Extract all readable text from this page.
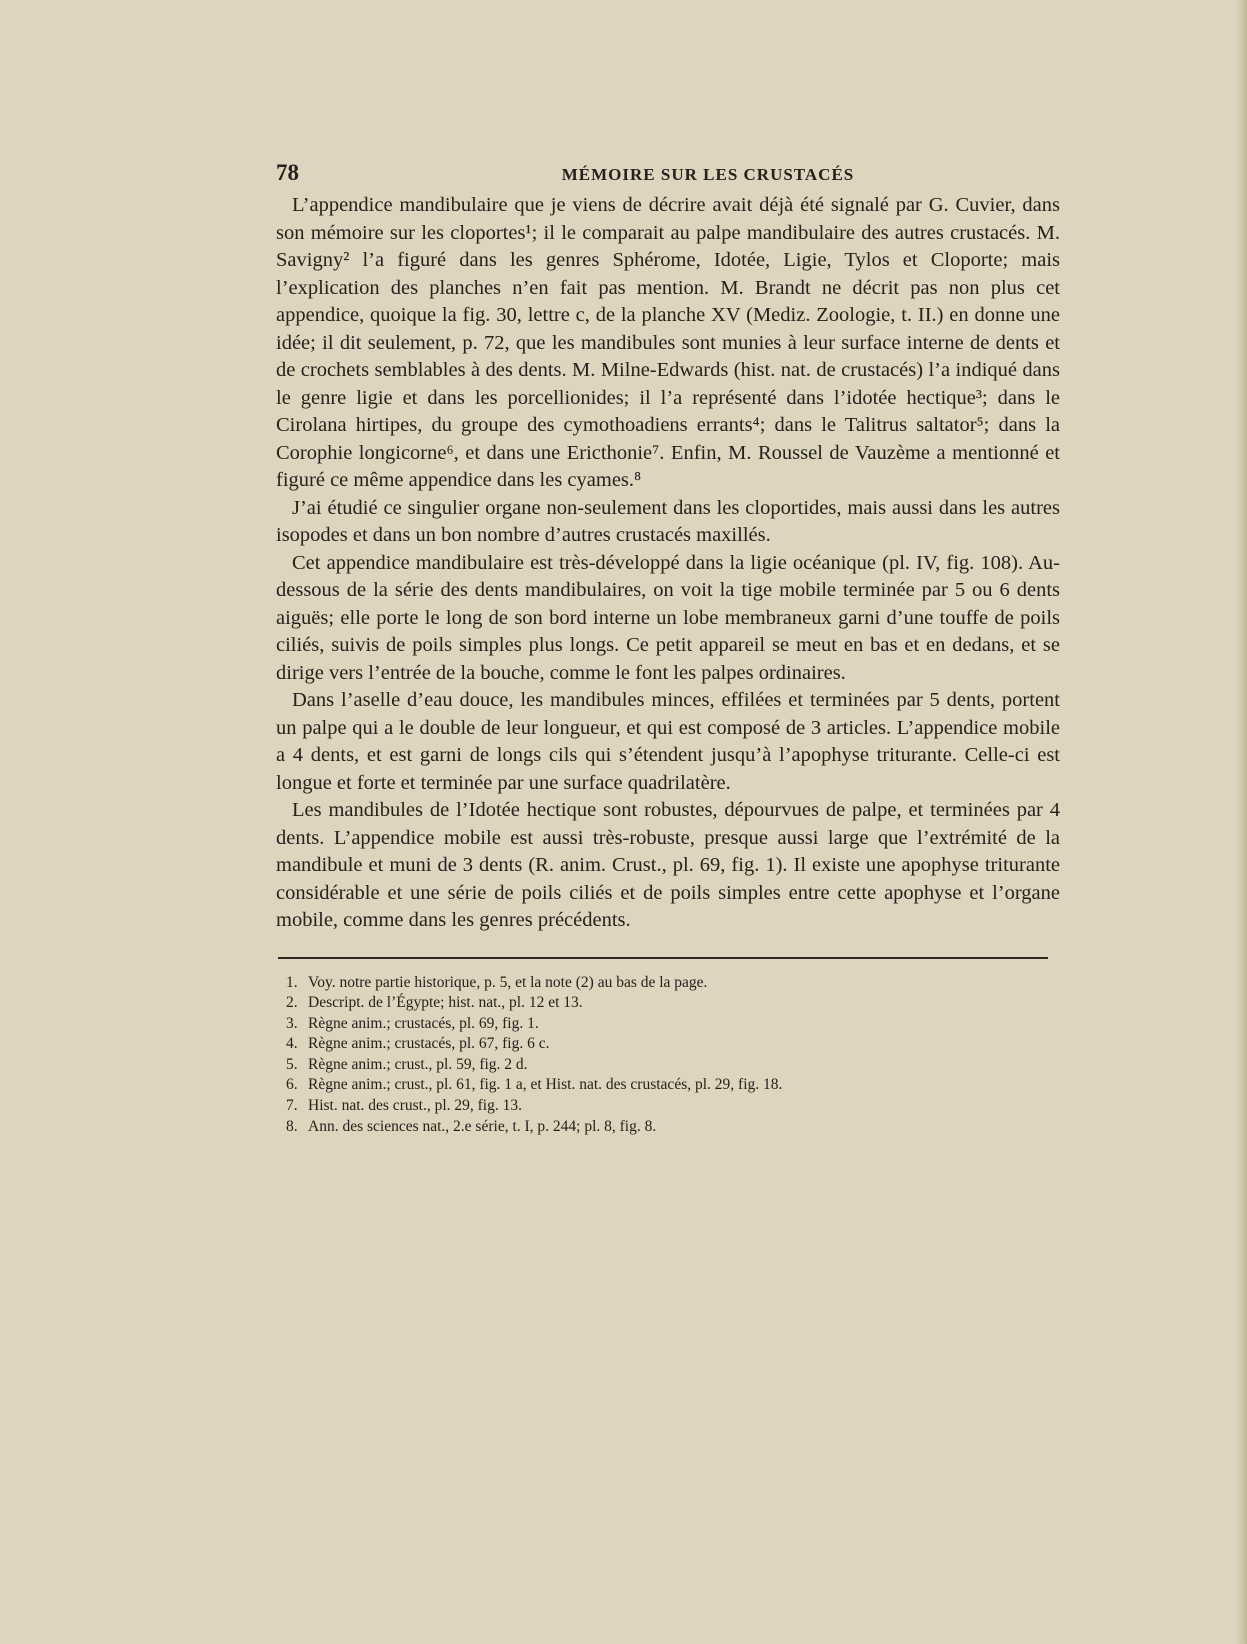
78	MÉMOIRE SUR LES CRUSTACÉS

L’appendice mandibulaire que je viens de décrire avait déjà été signalé par G. Cuvier, dans son mémoire sur les cloportes¹; il le comparait au palpe mandibulaire des autres crustacés. M. Savigny² l’a figuré dans les genres Sphérome, Idotée, Ligie, Tylos et Cloporte; mais l’explication des planches n’en fait pas mention. M. Brandt ne décrit pas non plus cet appendice, quoique la fig. 30, lettre c, de la planche XV (Mediz. Zoologie, t. II.) en donne une idée; il dit seulement, p. 72, que les mandibules sont munies à leur surface interne de dents et de crochets semblables à des dents. M. Milne-Edwards (hist. nat. de crustacés) l’a indiqué dans le genre ligie et dans les porcellionides; il l’a représenté dans l’idotée hectique³; dans le Cirolana hirtipes, du groupe des cymothoadiens errants⁴; dans le Talitrus saltator⁵; dans la Corophie longicorne⁶, et dans une Ericthonie⁷. Enfin, M. Roussel de Vauzème a mentionné et figuré ce même appendice dans les cyames.⁸

J’ai étudié ce singulier organe non-seulement dans les cloportides, mais aussi dans les autres isopodes et dans un bon nombre d’autres crustacés maxillés.

Cet appendice mandibulaire est très-développé dans la ligie océanique (pl. IV, fig. 108). Au-dessous de la série des dents mandibulaires, on voit la tige mobile terminée par 5 ou 6 dents aiguës; elle porte le long de son bord interne un lobe membraneux garni d’une touffe de poils ciliés, suivis de poils simples plus longs. Ce petit appareil se meut en bas et en dedans, et se dirige vers l’entrée de la bouche, comme le font les palpes ordinaires.

Dans l’aselle d’eau douce, les mandibules minces, effilées et terminées par 5 dents, portent un palpe qui a le double de leur longueur, et qui est composé de 3 articles. L’appendice mobile a 4 dents, et est garni de longs cils qui s’étendent jusqu’à l’apophyse triturante. Celle-ci est longue et forte et terminée par une surface quadrilatère.

Les mandibules de l’Idotée hectique sont robustes, dépourvues de palpe, et terminées par 4 dents. L’appendice mobile est aussi très-robuste, presque aussi large que l’extrémité de la mandibule et muni de 3 dents (R. anim. Crust., pl. 69, fig. 1). Il existe une apophyse triturante considérable et une série de poils ciliés et de poils simples entre cette apophyse et l’organe mobile, comme dans les genres précédents.

1. Voy. notre partie historique, p. 5, et la note (2) au bas de la page.
2. Descript. de l’Égypte; hist. nat., pl. 12 et 13.
3. Règne anim.; crustacés, pl. 69, fig. 1.
4. Règne anim.; crustacés, pl. 67, fig. 6 c.
5. Règne anim.; crust., pl. 59, fig. 2 d.
6. Règne anim.; crust., pl. 61, fig. 1 a, et Hist. nat. des crustacés, pl. 29, fig. 18.
7. Hist. nat. des crust., pl. 29, fig. 13.
8. Ann. des sciences nat., 2.e série, t. I, p. 244; pl. 8, fig. 8.
